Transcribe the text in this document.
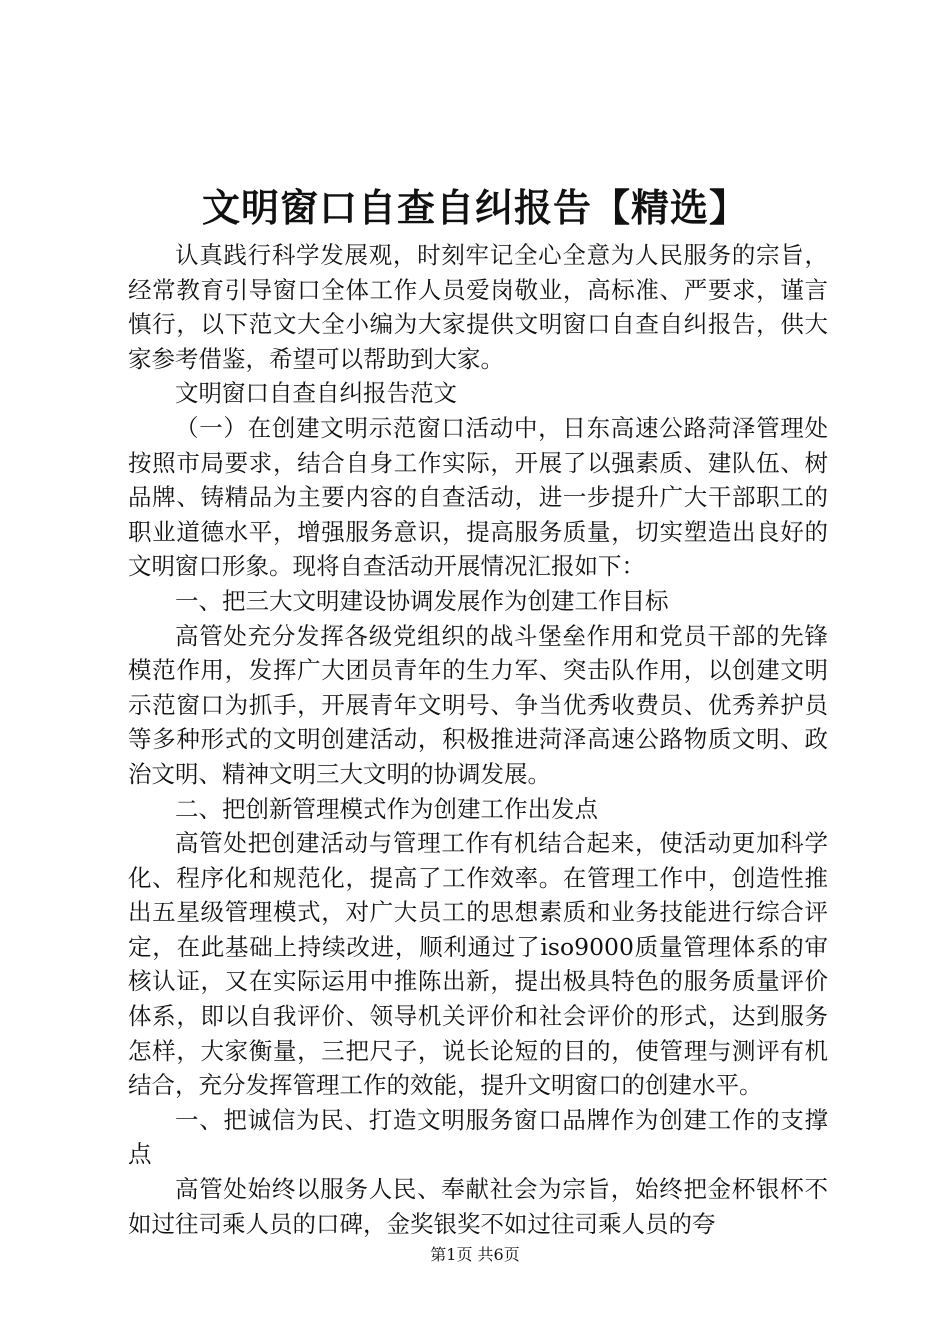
文明窗口自查自纠报告【精选】

认真践行科学发展观，时刻牢记全心全意为人民服务的宗旨，经常教育引导窗口全体工作人员爱岗敬业，高标准、严要求，谨言慎行，以下范文大全小编为大家提供文明窗口自查自纠报告，供大家参考借鉴，希望可以帮助到大家。

文明窗口自查自纠报告范文

（一）在创建文明示范窗口活动中，日东高速公路菏泽管理处按照市局要求，结合自身工作实际，开展了以强素质、建队伍、树品牌、铸精品为主要内容的自查活动，进一步提升广大干部职工的职业道德水平，增强服务意识，提高服务质量，切实塑造出良好的文明窗口形象。现将自查活动开展情况汇报如下：

一、把三大文明建设协调发展作为创建工作目标

高管处充分发挥各级党组织的战斗堡垒作用和党员干部的先锋模范作用，发挥广大团员青年的生力军、突击队作用，以创建文明示范窗口为抓手，开展青年文明号、争当优秀收费员、优秀养护员等多种形式的文明创建活动，积极推进菏泽高速公路物质文明、政治文明、精神文明三大文明的协调发展。

二、把创新管理模式作为创建工作出发点

高管处把创建活动与管理工作有机结合起来，使活动更加科学化、程序化和规范化，提高了工作效率。在管理工作中，创造性推出五星级管理模式，对广大员工的思想素质和业务技能进行综合评定，在此基础上持续改进，顺利通过了iso9000质量管理体系的审核认证，又在实际运用中推陈出新，提出极具特色的服务质量评价体系，即以自我评价、领导机关评价和社会评价的形式，达到服务怎样，大家衡量，三把尺子，说长论短的目的，使管理与测评有机结合，充分发挥管理工作的效能，提升文明窗口的创建水平。

一、把诚信为民、打造文明服务窗口品牌作为创建工作的支撑点

高管处始终以服务人民、奉献社会为宗旨，始终把金杯银杯不如过往司乘人员的口碑，金奖银奖不如过往司乘人员的夸

第1页 共6页
